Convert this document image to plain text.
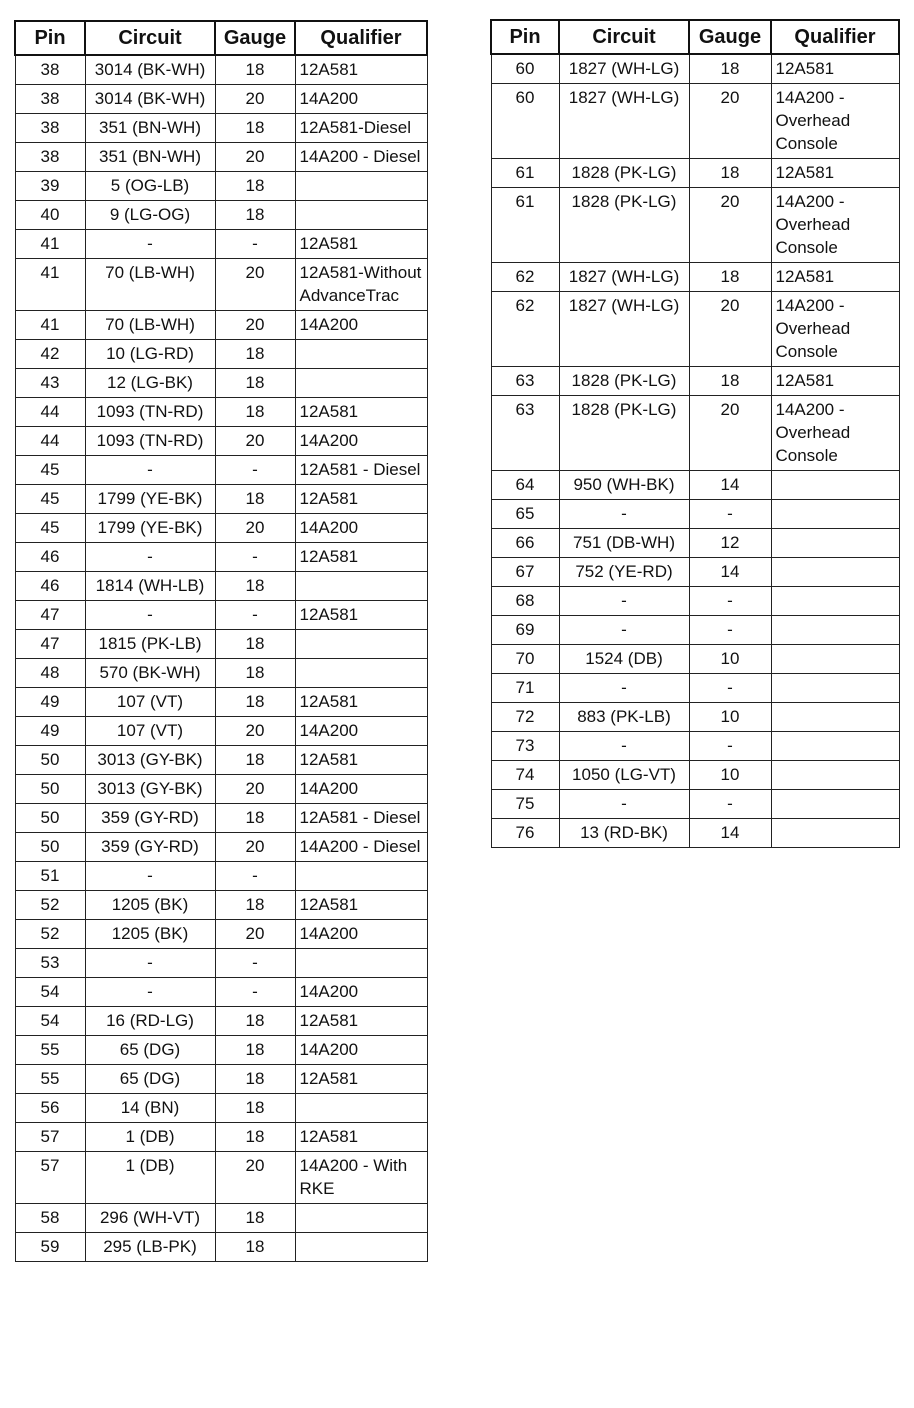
Pin	Circuit	Gauge	Qualifier
38	3014 (BK-WH)	18	12A581
38	3014 (BK-WH)	20	14A200
38	351 (BN-WH)	18	12A581-Diesel
38	351 (BN-WH)	20	14A200 - Diesel
39	5 (OG-LB)	18	
40	9 (LG-OG)	18	
41	-	-	12A581
41	70 (LB-WH)	20	12A581-Without AdvanceTrac
41	70 (LB-WH)	20	14A200
42	10 (LG-RD)	18	
43	12 (LG-BK)	18	
44	1093 (TN-RD)	18	12A581
44	1093 (TN-RD)	20	14A200
45	-	-	12A581 - Diesel
45	1799 (YE-BK)	18	12A581
45	1799 (YE-BK)	20	14A200
46	-	-	12A581
46	1814 (WH-LB)	18	
47	-	-	12A581
47	1815 (PK-LB)	18	
48	570 (BK-WH)	18	
49	107 (VT)	18	12A581
49	107 (VT)	20	14A200
50	3013 (GY-BK)	18	12A581
50	3013 (GY-BK)	20	14A200
50	359 (GY-RD)	18	12A581 - Diesel
50	359 (GY-RD)	20	14A200 - Diesel
51	-	-	
52	1205 (BK)	18	12A581
52	1205 (BK)	20	14A200
53	-	-	
54	-	-	14A200
54	16 (RD-LG)	18	12A581
55	65 (DG)	18	14A200
55	65 (DG)	18	12A581
56	14 (BN)	18	
57	1 (DB)	18	12A581
57	1 (DB)	20	14A200 - With RKE
58	296 (WH-VT)	18	
59	295 (LB-PK)	18	
Pin	Circuit	Gauge	Qualifier
60	1827 (WH-LG)	18	12A581
60	1827 (WH-LG)	20	14A200 - Overhead Console
61	1828 (PK-LG)	18	12A581
61	1828 (PK-LG)	20	14A200 - Overhead Console
62	1827 (WH-LG)	18	12A581
62	1827 (WH-LG)	20	14A200 - Overhead Console
63	1828 (PK-LG)	18	12A581
63	1828 (PK-LG)	20	14A200 - Overhead Console
64	950 (WH-BK)	14	
65	-	-	
66	751 (DB-WH)	12	
67	752 (YE-RD)	14	
68	-	-	
69	-	-	
70	1524 (DB)	10	
71	-	-	
72	883 (PK-LB)	10	
73	-	-	
74	1050 (LG-VT)	10	
75	-	-	
76	13 (RD-BK)	14	
